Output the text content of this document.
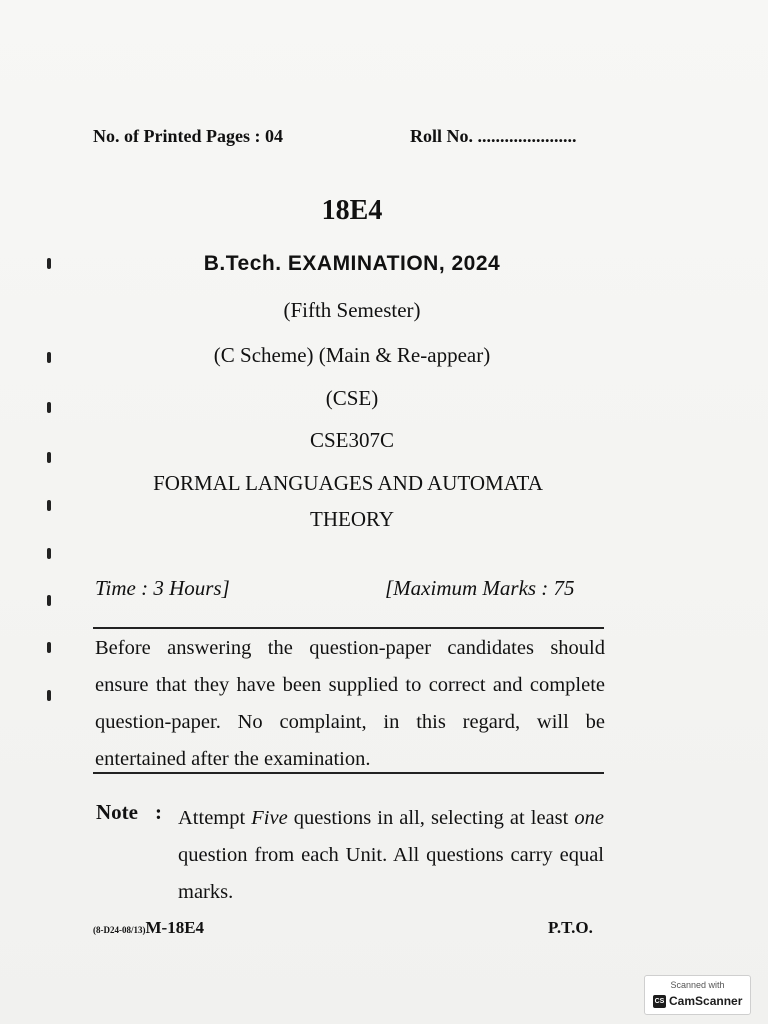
No. of Printed Pages : 04	Roll No. ......................
18E4
B.Tech. EXAMINATION, 2024
(Fifth Semester)
(C Scheme) (Main & Re-appear)
(CSE)
CSE307C
FORMAL LANGUAGES AND AUTOMATA
THEORY
Time : 3 Hours]	[Maximum Marks : 75
Before answering the question-paper candidates should ensure that they have been supplied to correct and complete question-paper. No complaint, in this regard, will be entertained after the examination.
Note : Attempt Five questions in all, selecting at least one question from each Unit. All questions carry equal marks.
(8-D24-08/13)M-18E4	P.T.O.
Scanned with
CS CamScanner
